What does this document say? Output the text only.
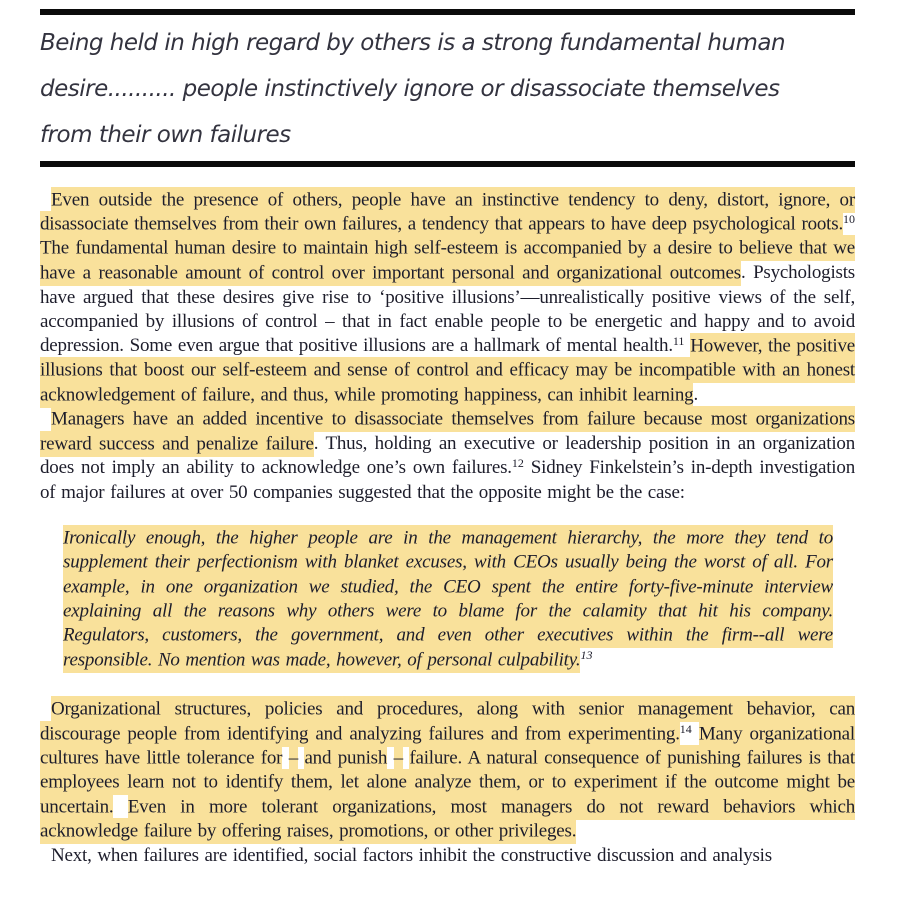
Being held in high regard by others is a strong fundamental human
desire.......... people instinctively ignore or disassociate themselves
from their own failures

Even outside the presence of others, people have an instinctive tendency to deny, distort, ignore, or disassociate themselves from their own failures, a tendency that appears to have deep psychological roots.$^{10}$ The fundamental human desire to maintain high self-esteem is accompanied by a desire to believe that we have a reasonable amount of control over important personal and organizational outcomes. Psychologists have argued that these desires give rise to ‘positive illusions’—unrealistically positive views of the self, accompanied by illusions of control – that in fact enable people to be energetic and happy and to avoid depression. Some even argue that positive illusions are a hallmark of mental health.$^{11}$ However, the positive illusions that boost our self-esteem and sense of control and efficacy may be incompatible with an honest acknowledgement of failure, and thus, while promoting happiness, can inhibit learning.

Managers have an added incentive to disassociate themselves from failure because most organizations reward success and penalize failure. Thus, holding an executive or leadership position in an organization does not imply an ability to acknowledge one’s own failures.$^{12}$ Sidney Finkelstein’s in-depth investigation of major failures at over 50 companies suggested that the opposite might be the case:

Ironically enough, the higher people are in the management hierarchy, the more they tend to supplement their perfectionism with blanket excuses, with CEOs usually being the worst of all. For example, in one organization we studied, the CEO spent the entire forty-five-minute interview explaining all the reasons why others were to blame for the calamity that hit his company. Regulators, customers, the government, and even other executives within the firm--all were responsible. No mention was made, however, of personal culpability.$^{13}$

Organizational structures, policies and procedures, along with senior management behavior, can discourage people from identifying and analyzing failures and from experimenting.$^{14}$ Many organizational cultures have little tolerance for – and punish – failure. A natural consequence of punishing failures is that employees learn not to identify them, let alone analyze them, or to experiment if the outcome might be uncertain. Even in more tolerant organizations, most managers do not reward behaviors which acknowledge failure by offering raises, promotions, or other privileges.

Next, when failures are identified, social factors inhibit the constructive discussion and analysis
